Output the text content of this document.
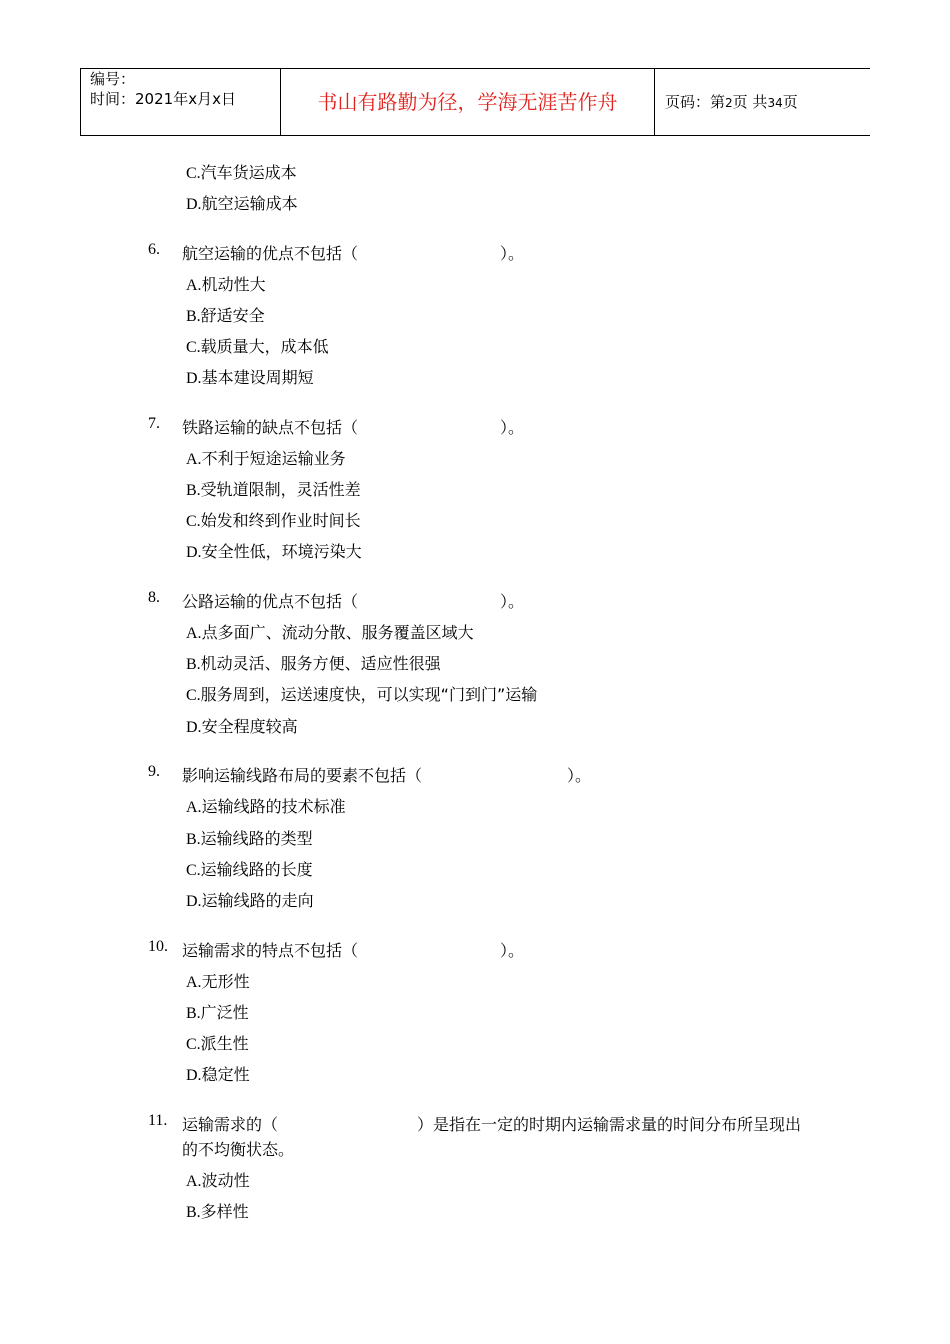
编号：
时间：2021年x月x日	书山有路勤为径，学海无涯苦作舟	页码：第2页 共34页
C.汽车货运成本
D.航空运输成本
6. 航空运输的优点不包括（	）。
A.机动性大
B.舒适安全
C.载质量大，成本低
D.基本建设周期短
7. 铁路运输的缺点不包括（	）。
A.不利于短途运输业务
B.受轨道限制，灵活性差
C.始发和终到作业时间长
D.安全性低，环境污染大
8. 公路运输的优点不包括（	）。
A.点多面广、流动分散、服务覆盖区域大
B.机动灵活、服务方便、适应性很强
C.服务周到，运送速度快，可以实现“门到门”运输
D.安全程度较高
9. 影响运输线路布局的要素不包括（	）。
A.运输线路的技术标准
B.运输线路的类型
C.运输线路的长度
D.运输线路的走向
10. 运输需求的特点不包括（	）。
A.无形性
B.广泛性
C.派生性
D.稳定性
11. 运输需求的（	）是指在一定的时期内运输需求量的时间分布所呈现出
的不均衡状态。
A.波动性
B.多样性
